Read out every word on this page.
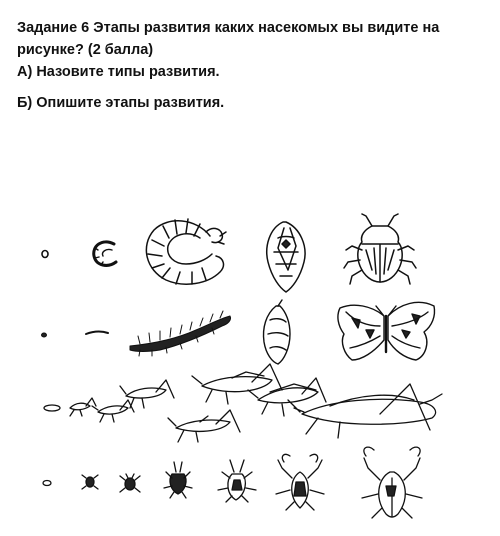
Задание 6 Этапы развития каких насекомых вы видите на рисунке? (2 балла)
А) Назовите типы развития.
Б) Опишите этапы развития.
